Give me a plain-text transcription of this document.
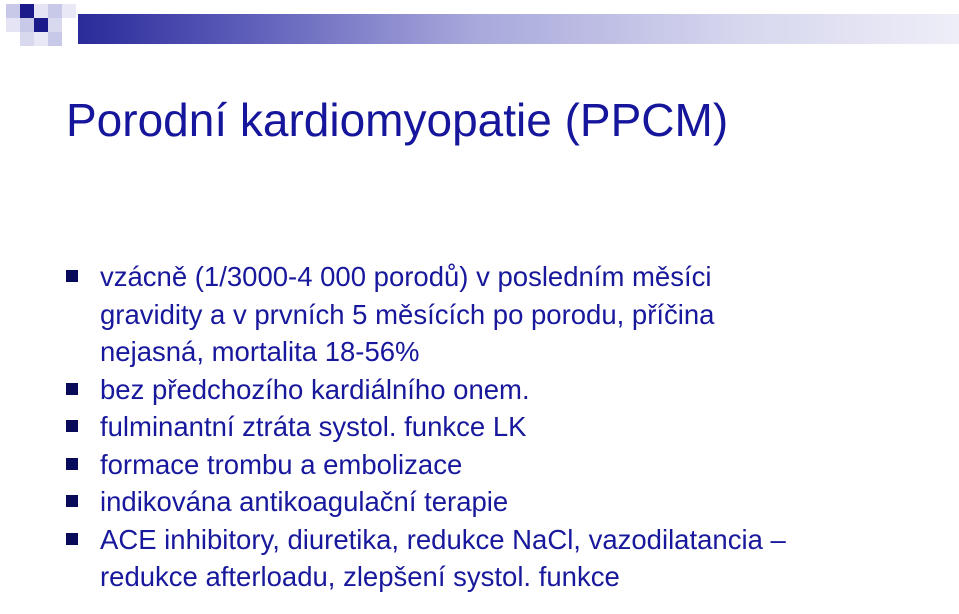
Porodní kardiomyopatie (PPCM)
vzácně (1/3000-4 000 porodů) v posledním měsíci
gravidity a v prvních 5 měsících po porodu, příčina
nejasná, mortalita 18-56%
bez předchozího kardiálního onem.
fulminantní ztráta systol. funkce LK
formace trombu a embolizace
indikována antikoagulační terapie
ACE inhibitory, diuretika, redukce NaCl, vazodilatancia –
redukce afterloadu, zlepšení systol. funkce
